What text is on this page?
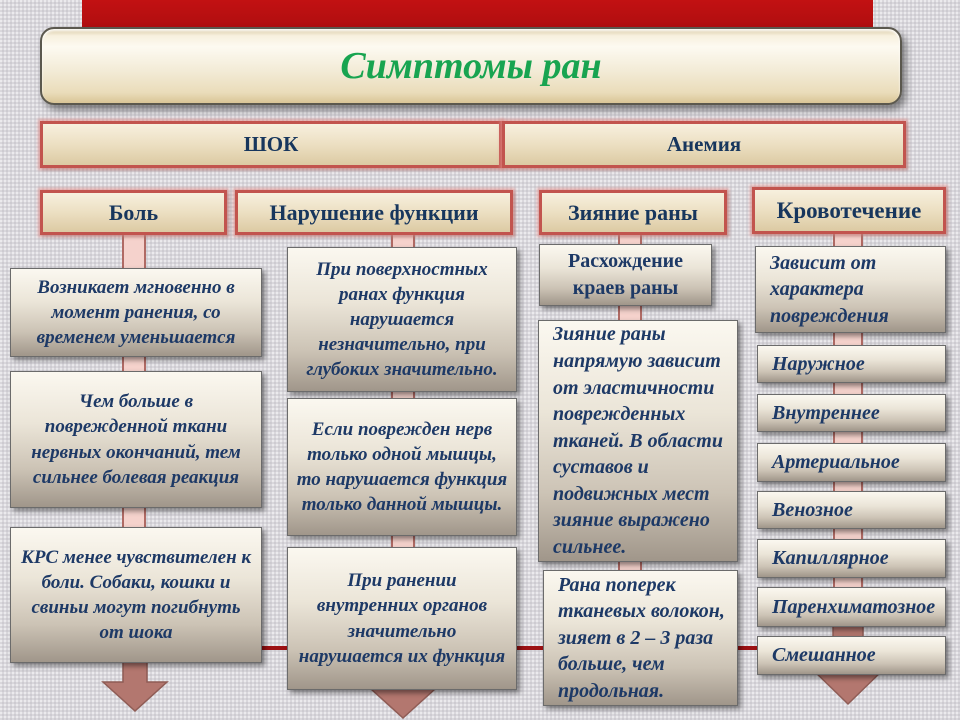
Симптомы ран
ШОК	Анемия
Боль	Нарушение функции	Зияние раны	Кровотечение
Возникает мгновенно в момент ранения, со временем уменьшается
Чем больше в поврежденной ткани нервных окончаний, тем сильнее болевая реакция
КРС менее чувствителен к боли. Собаки, кошки и свиньи могут погибнуть от шока
При поверхностных ранах функция нарушается незначительно, при глубоких значительно.
Если поврежден нерв только одной мышцы, то нарушается функция только данной мышцы.
При ранении внутренних органов значительно нарушается их функция
Расхождение краев раны
Зияние раны напрямую зависит от эластичности поврежденных тканей. В области суставов и подвижных мест зияние выражено сильнее.
Рана поперек тканевых волокон, зияет в 2 – 3 раза больше, чем продольная.
Зависит от характера повреждения
Наружное
Внутреннее
Артериальное
Венозное
Капиллярное
Паренхиматозное
Смешанное
